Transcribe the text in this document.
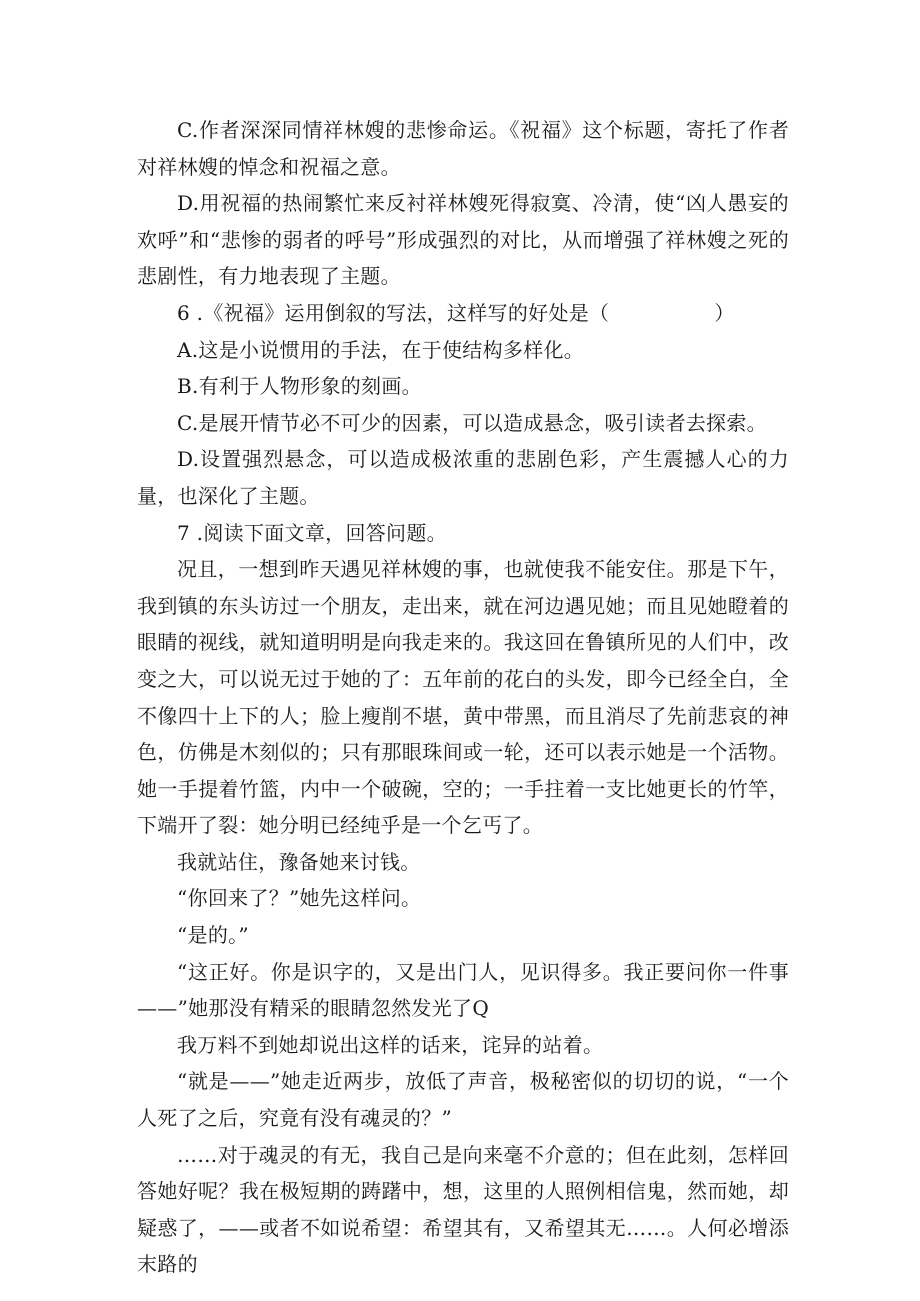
C.作者深深同情祥林嫂的悲惨命运。《祝福》这个标题，寄托了作者对祥林嫂的悼念和祝福之意。

D.用祝福的热闹繁忙来反衬祥林嫂死得寂寞、冷清，使“凶人愚妄的欢呼”和“悲惨的弱者的呼号”形成强烈的对比，从而增强了祥林嫂之死的悲剧性，有力地表现了主题。

6 .《祝福》运用倒叙的写法，这样写的好处是（	）

A.这是小说惯用的手法，在于使结构多样化。

B.有利于人物形象的刻画。

C.是展开情节必不可少的因素，可以造成悬念，吸引读者去探索。

D.设置强烈悬念，可以造成极浓重的悲剧色彩，产生震撼人心的力量，也深化了主题。

7 .阅读下面文章，回答问题。

况且，一想到昨天遇见祥林嫂的事，也就使我不能安住。那是下午，我到镇的东头访过一个朋友，走出来，就在河边遇见她；而且见她瞪着的眼睛的视线，就知道明明是向我走来的。我这回在鲁镇所见的人们中，改变之大，可以说无过于她的了：五年前的花白的头发，即今已经全白，全不像四十上下的人；脸上瘦削不堪，黄中带黑，而且消尽了先前悲哀的神色，仿佛是木刻似的；只有那眼珠间或一轮，还可以表示她是一个活物。她一手提着竹篮，内中一个破碗，空的；一手拄着一支比她更长的竹竿，下端开了裂：她分明已经纯乎是一个乞丐了。

我就站住，豫备她来讨钱。

“你回来了？”她先这样问。

“是的。”

“这正好。你是识字的，又是出门人，见识得多。我正要问你一件事——”她那没有精采的眼睛忽然发光了Q

我万料不到她却说出这样的话来，诧异的站着。

“就是——”她走近两步，放低了声音，极秘密似的切切的说，“一个人死了之后，究竟有没有魂灵的？”

……对于魂灵的有无，我自己是向来毫不介意的；但在此刻，怎样回答她好呢？我在极短期的踌躇中，想，这里的人照例相信鬼，然而她，却疑惑了，——或者不如说希望：希望其有，又希望其无……。人何必增添末路的
